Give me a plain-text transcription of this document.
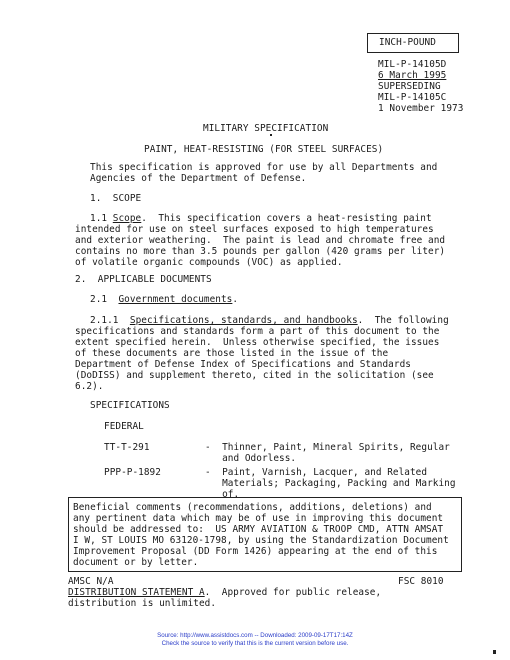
INCH-POUND
MIL-P-14105D
6 March 1995
SUPERSEDING
MIL-P-14105C
1 November 1973
MILITARY SPECIFICATION
PAINT, HEAT-RESISTING (FOR STEEL SURFACES)
This specification is approved for use by all Departments and
Agencies of the Department of Defense.
1.  SCOPE
1.1 Scope.  This specification covers a heat-resisting paint
intended for use on steel surfaces exposed to high temperatures
and exterior weathering.  The paint is lead and chromate free and
contains no more than 3.5 pounds per gallon (420 grams per liter)
of volatile organic compounds (VOC) as applied.
2.  APPLICABLE DOCUMENTS
2.1  Government documents.
2.1.1  Specifications, standards, and handbooks.  The following
specifications and standards form a part of this document to the
extent specified herein.  Unless otherwise specified, the issues
of these documents are those listed in the issue of the
Department of Defense Index of Specifications and Standards
(DoDISS) and supplement thereto, cited in the solicitation (see
6.2).
SPECIFICATIONS
FEDERAL
TT-T-291	-  Thinner, Paint, Mineral Spirits, Regular
and Odorless.
PPP-P-1892	-  Paint, Varnish, Lacquer, and Related
Materials; Packaging, Packing and Marking
of.
Beneficial comments (recommendations, additions, deletions) and
any pertinent data which may be of use in improving this document
should be addressed to:  US ARMY AVIATION & TROOP CMD, ATTN AMSAT
I W, ST LOUIS MO 63120-1798, by using the Standardization Document
Improvement Proposal (DD Form 1426) appearing at the end of this
document or by letter.
AMSC N/A	FSC 8010
DISTRIBUTION STATEMENT A.  Approved for public release,
distribution is unlimited.
Source: http://www.assistdocs.com -- Downloaded: 2009-09-17T17:14Z
Check the source to verify that this is the current version before use.
